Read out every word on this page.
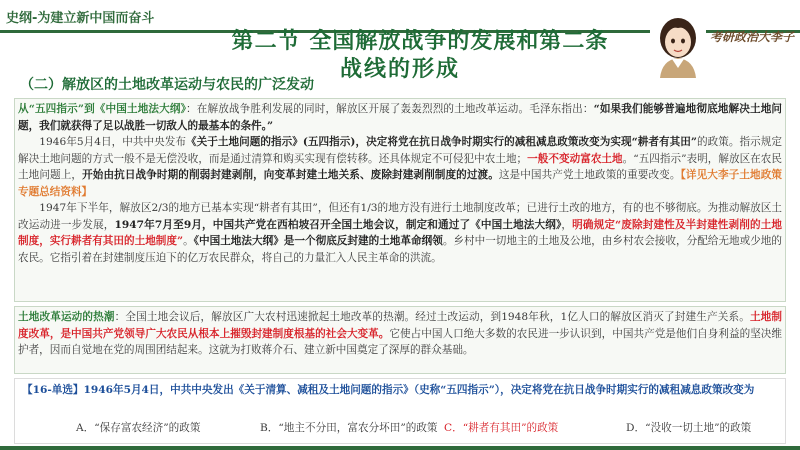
史纲-为建立新中国而奋斗
第二节 全国解放战争的发展和第二条
战线的形成
考研政治大李子
（二）解放区的土地改革运动与农民的广泛发动
从“五四指示”到《中国土地法大纲》：在解放战争胜利发展的同时，解放区开展了轰轰烈烈的土地改革运动。毛泽东指出：“如果我们能够普遍地彻底地解决土地问题，我们就获得了足以战胜一切敌人的最基本的条件。”
　　1946年5月4日，中共中央发布《关于土地问题的指示》(五四指示)，决定将党在抗日战争时期实行的减租减息政策改变为实现“耕者有其田”的政策。指示规定解决土地问题的方式一般不是无偿没收，而是通过清算和购买实现有偿转移。还具体规定不可侵犯中农土地；一般不变动富农土地。“五四指示”表明，解放区在农民土地问题上，开始由抗日战争时期的削弱封建剥削，向变革封建土地关系、废除封建剥削制度的过渡。这是中国共产党土地政策的重要改变。【详见大李子土地政策专题总结资料】
　　1947年下半年，解放区2/3的地方已基本实现“耕者有其田”，但还有1/3的地方没有进行土地制度改革；已进行土改的地方，有的也不够彻底。为推动解放区土改运动进一步发展，1947年7月至9月，中国共产党在西柏坡召开全国土地会议，制定和通过了《中国土地法大纲》，明确规定“废除封建性及半封建性剥削的土地制度，实行耕者有其田的土地制度”。《中国土地法大纲》是一个彻底反封建的土地革命纲领。乡村中一切地主的土地及公地，由乡村农会接收，分配给无地或少地的农民。它指引着在封建制度压迫下的亿万农民群众，将自己的力量汇入人民主革命的洪流。
土地改革运动的热潮：全国土地会议后，解放区广大农村迅速掀起土地改革的热潮。经过土改运动，到1948年秋，1亿人口的解放区消灭了封建生产关系。土地制度改革，是中国共产党领导广大农民从根本上摧毁封建制度根基的社会大变革。它使占中国人口绝大多数的农民进一步认识到，中国共产党是他们自身利益的坚决维护者，因而自觉地在党的周围团结起来。这就为打败蒋介石、建立新中国奠定了深厚的群众基础。
【16-单选】1946年5月4日，中共中央发出《关于清算、减租及土地问题的指示》（史称“五四指示”），决定将党在抗日战争时期实行的减租减息政策改变为
A．“保存富农经济”的政策	B．“地主不分田，富农分坏田”的政策 C．“耕者有其田”的政策	D．“没收一切土地”的政策
